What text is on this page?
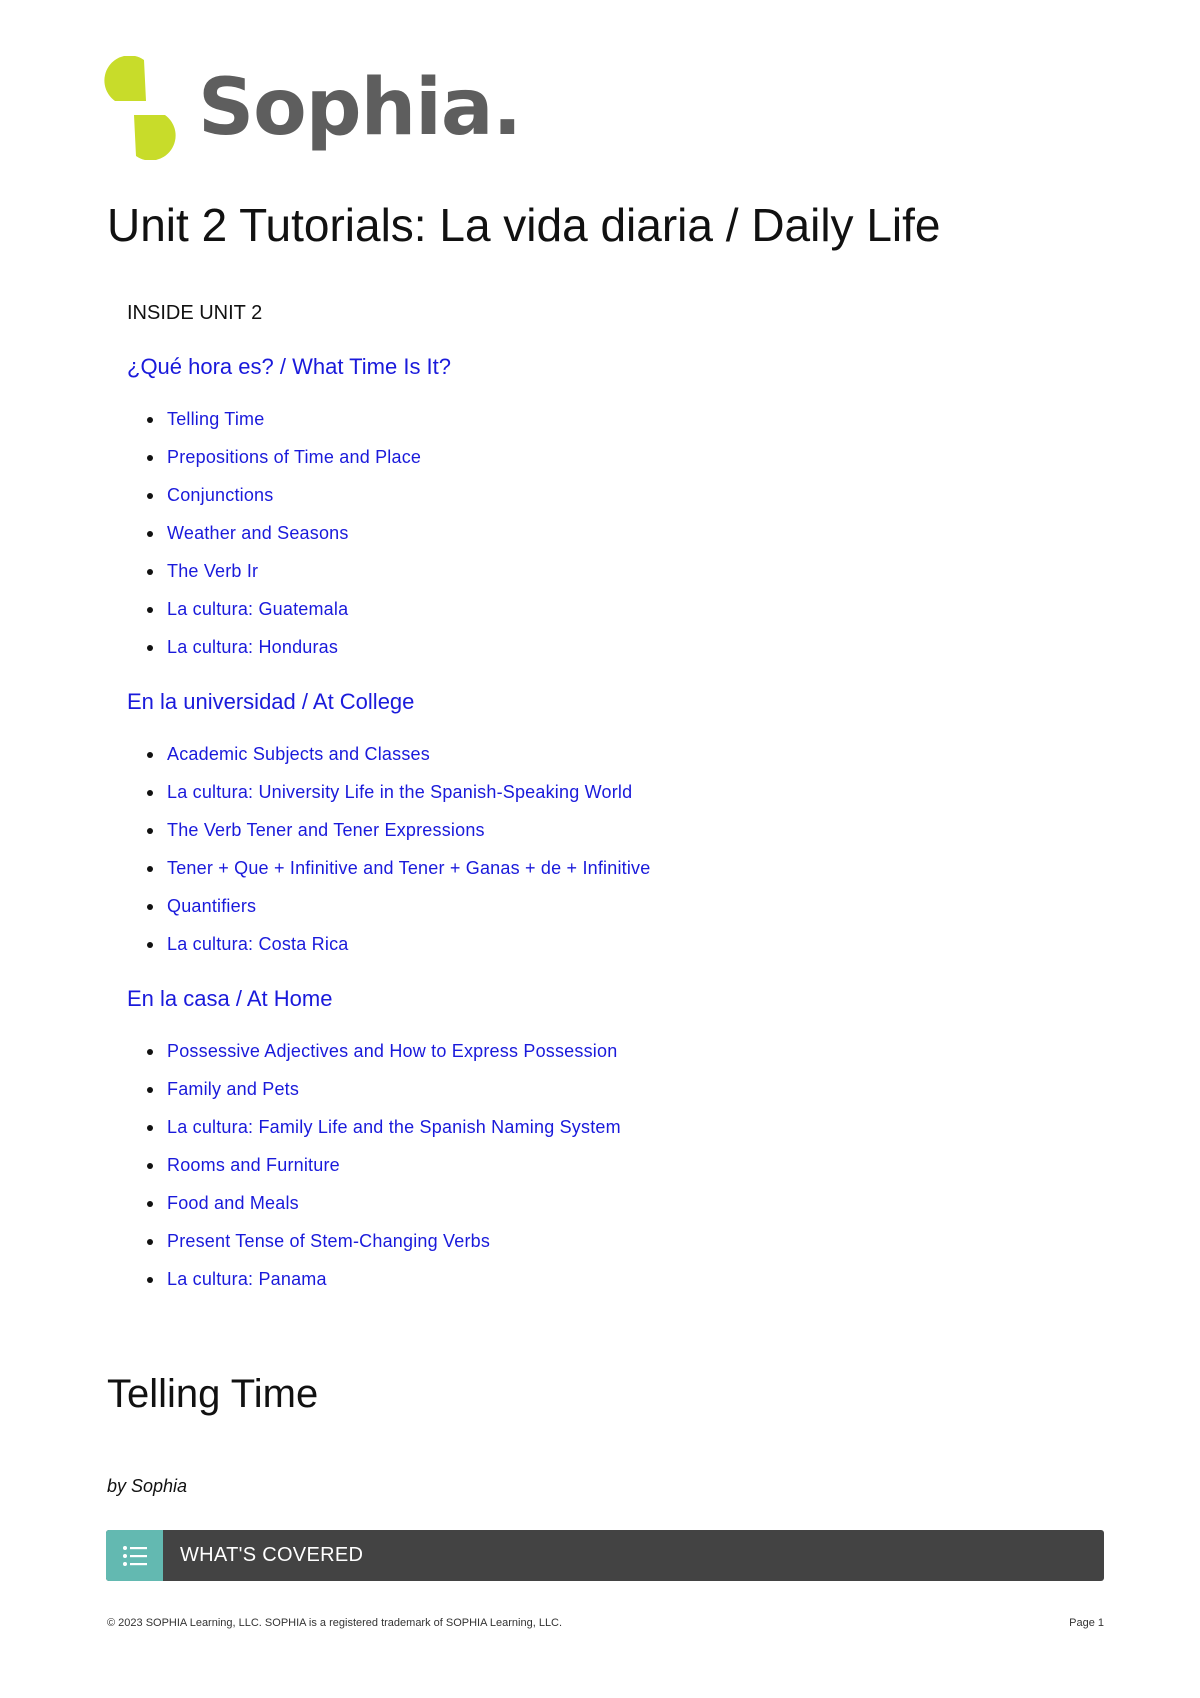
Sophia.
Unit 2 Tutorials: La vida diaria / Daily Life
INSIDE UNIT 2
¿Qué hora es? / What Time Is It?
Telling Time
Prepositions of Time and Place
Conjunctions
Weather and Seasons
The Verb Ir
La cultura: Guatemala
La cultura: Honduras
En la universidad / At College
Academic Subjects and Classes
La cultura: University Life in the Spanish-Speaking World
The Verb Tener and Tener Expressions
Tener + Que + Infinitive and Tener + Ganas + de + Infinitive
Quantifiers
La cultura: Costa Rica
En la casa / At Home
Possessive Adjectives and How to Express Possession
Family and Pets
La cultura: Family Life and the Spanish Naming System
Rooms and Furniture
Food and Meals
Present Tense of Stem-Changing Verbs
La cultura: Panama
Telling Time
by Sophia
WHAT'S COVERED
© 2023 SOPHIA Learning, LLC. SOPHIA is a registered trademark of SOPHIA Learning, LLC.	Page 1
